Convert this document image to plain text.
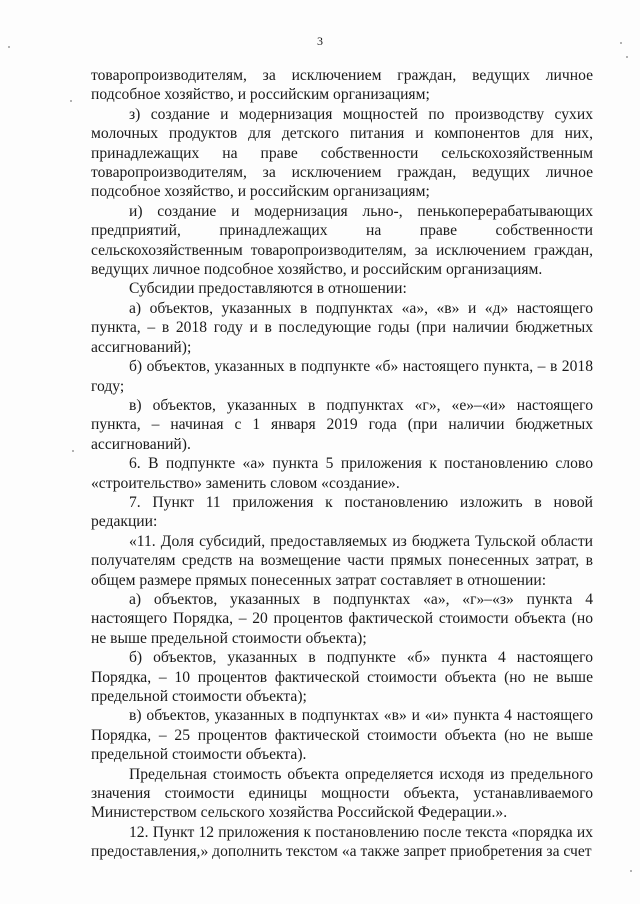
3

товаропроизводителям, за исключением граждан, ведущих личное подсобное хозяйство, и российским организациям;

з) создание и модернизация мощностей по производству сухих молочных продуктов для детского питания и компонентов для них, принадлежащих на праве собственности сельскохозяйственным товаропроизводителям, за исключением граждан, ведущих личное подсобное хозяйство, и российским организациям;

и) создание и модернизация льно-, пенькоперерабатывающих предприятий, принадлежащих на праве собственности сельскохозяйственным товаропроизводителям, за исключением граждан, ведущих личное подсобное хозяйство, и российским организациям.

Субсидии предоставляются в отношении:

а) объектов, указанных в подпунктах «а», «в» и «д» настоящего пункта, – в 2018 году и в последующие годы (при наличии бюджетных ассигнований);

б) объектов, указанных в подпункте «б» настоящего пункта, – в 2018 году;

в) объектов, указанных в подпунктах «г», «е»–«и» настоящего пункта, – начиная с 1 января 2019 года (при наличии бюджетных ассигнований).

6. В подпункте «а» пункта 5 приложения к постановлению слово «строительство» заменить словом «создание».

7. Пункт 11 приложения к постановлению изложить в новой редакции:

«11. Доля субсидий, предоставляемых из бюджета Тульской области получателям средств на возмещение части прямых понесенных затрат, в общем размере прямых понесенных затрат составляет в отношении:

а) объектов, указанных в подпунктах «а», «г»–«з» пункта 4 настоящего Порядка, – 20 процентов фактической стоимости объекта (но не выше предельной стоимости объекта);

б) объектов, указанных в подпункте «б» пункта 4 настоящего Порядка, – 10 процентов фактической стоимости объекта (но не выше предельной стоимости объекта);

в) объектов, указанных в подпунктах «в» и «и» пункта 4 настоящего Порядка, – 25 процентов фактической стоимости объекта (но не выше предельной стоимости объекта).

Предельная стоимость объекта определяется исходя из предельного значения стоимости единицы мощности объекта, устанавливаемого Министерством сельского хозяйства Российской Федерации.».

12. Пункт 12 приложения к постановлению после текста «порядка их предоставления,» дополнить текстом «а также запрет приобретения за счет
